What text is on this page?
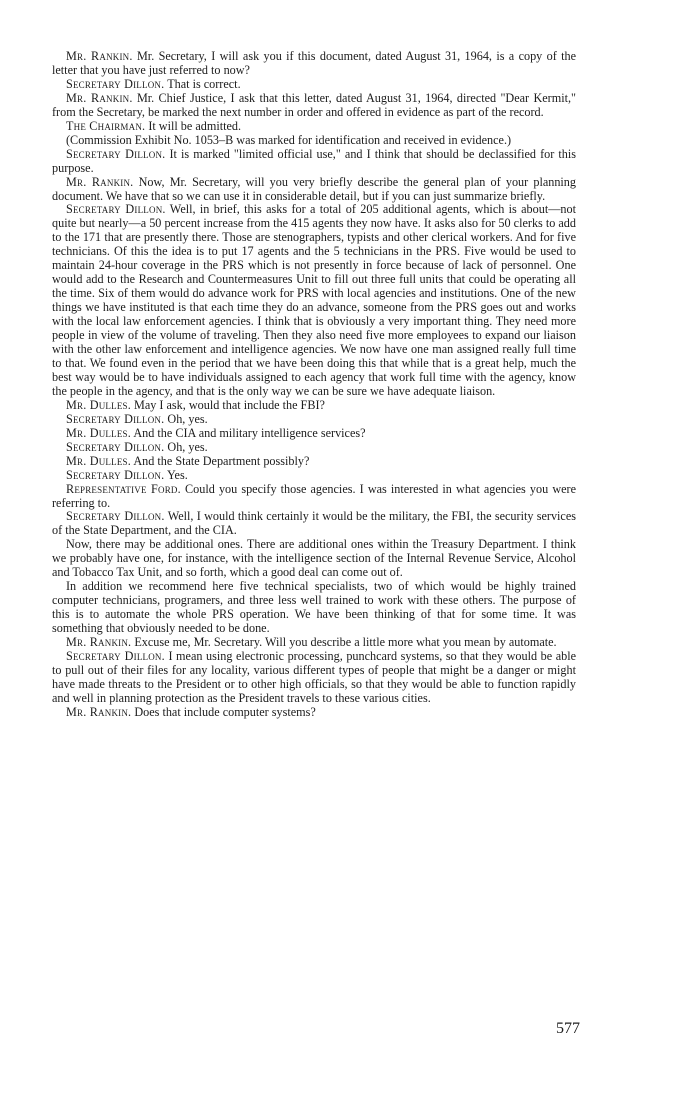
Mr. Rankin. Mr. Secretary, I will ask you if this document, dated August 31, 1964, is a copy of the letter that you have just referred to now?

Secretary Dillon. That is correct.

Mr. Rankin. Mr. Chief Justice, I ask that this letter, dated August 31, 1964, directed "Dear Kermit," from the Secretary, be marked the next number in order and offered in evidence as part of the record.

The Chairman. It will be admitted.

(Commission Exhibit No. 1053–B was marked for identification and received in evidence.)

Secretary Dillon. It is marked "limited official use," and I think that should be declassified for this purpose.

Mr. Rankin. Now, Mr. Secretary, will you very briefly describe the general plan of your planning document. We have that so we can use it in considerable detail, but if you can just summarize briefly.

Secretary Dillon. Well, in brief, this asks for a total of 205 additional agents, which is about—not quite but nearly—a 50 percent increase from the 415 agents they now have. It asks also for 50 clerks to add to the 171 that are presently there. Those are stenographers, typists and other clerical workers. And for five technicians. Of this the idea is to put 17 agents and the 5 technicians in the PRS. Five would be used to maintain 24-hour coverage in the PRS which is not presently in force because of lack of personnel. One would add to the Research and Countermeasures Unit to fill out three full units that could be operating all the time. Six of them would do advance work for PRS with local agencies and institutions. One of the new things we have instituted is that each time they do an advance, someone from the PRS goes out and works with the local law enforcement agencies. I think that is obviously a very important thing. They need more people in view of the volume of traveling. Then they also need five more employees to expand our liaison with the other law enforcement and intelligence agencies. We now have one man assigned really full time to that. We found even in the period that we have been doing this that while that is a great help, much the best way would be to have individuals assigned to each agency that work full time with the agency, know the people in the agency, and that is the only way we can be sure we have adequate liaison.

Mr. Dulles. May I ask, would that include the FBI?

Secretary Dillon. Oh, yes.

Mr. Dulles. And the CIA and military intelligence services?

Secretary Dillon. Oh, yes.

Mr. Dulles. And the State Department possibly?

Secretary Dillon. Yes.

Representative Ford. Could you specify those agencies. I was interested in what agencies you were referring to.

Secretary Dillon. Well, I would think certainly it would be the military, the FBI, the security services of the State Department, and the CIA.

Now, there may be additional ones. There are additional ones within the Treasury Department. I think we probably have one, for instance, with the intelligence section of the Internal Revenue Service, Alcohol and Tobacco Tax Unit, and so forth, which a good deal can come out of.

In addition we recommend here five technical specialists, two of which would be highly trained computer technicians, programers, and three less well trained to work with these others. The purpose of this is to automate the whole PRS operation. We have been thinking of that for some time. It was something that obviously needed to be done.

Mr. Rankin. Excuse me, Mr. Secretary. Will you describe a little more what you mean by automate.

Secretary Dillon. I mean using electronic processing, punchcard systems, so that they would be able to pull out of their files for any locality, various different types of people that might be a danger or might have made threats to the President or to other high officials, so that they would be able to function rapidly and well in planning protection as the President travels to these various cities.

Mr. Rankin. Does that include computer systems?

577
